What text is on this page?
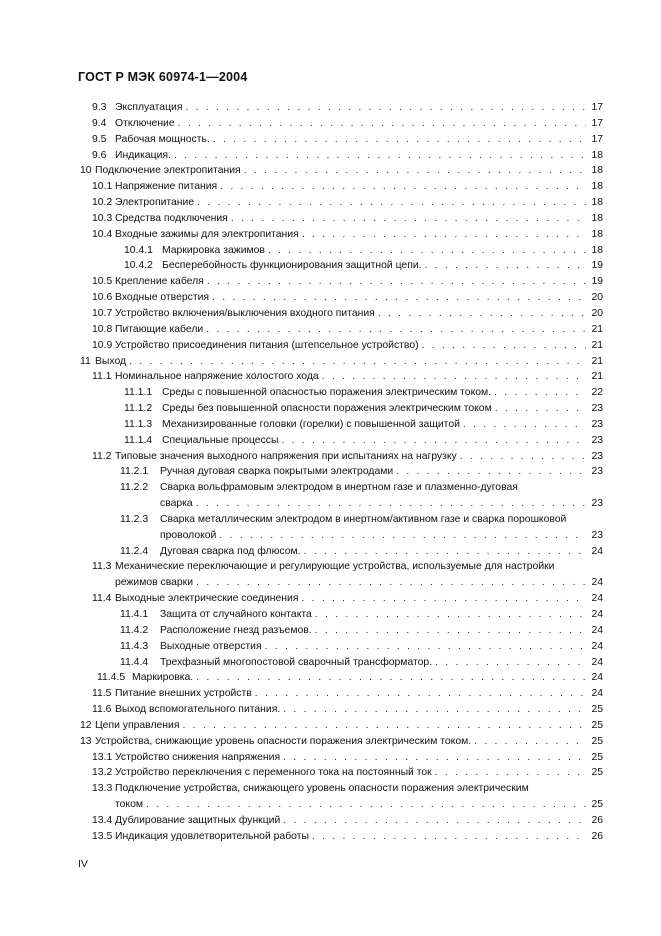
ГОСТ Р МЭК 60974-1—2004
9.3 Эксплуатация . . .	17
9.4 Отключение . . .	17
9.5 Рабочая мощность. . . .	17
9.6 Индикация. . . .	18
10 Подключение электропитания . . .	18
10.1 Напряжение питания . . .	18
10.2 Электропитание . . .	18
10.3 Средства подключения . . .	18
10.4 Входные зажимы для электропитания . . .	18
10.4.1 Маркировка зажимов . . .	18
10.4.2 Бесперебойность функционирования защитной цепи. . . .	19
10.5 Крепление кабеля . . .	19
10.6 Входные отверстия . . .	20
10.7 Устройство включения/выключения входного питания . . .	20
10.8 Питающие кабели . . .	21
10.9 Устройство присоединения питания (штепсельное устройство) . . .	21
11 Выход . . .	21
11.1 Номинальное напряжение холостого хода . . .	21
11.1.1 Среды с повышенной опасностью поражения электрическим током. . . .	22
11.1.2 Среды без повышенной опасности поражения электрическим током . . .	23
11.1.3 Механизированные головки (горелки) с повышенной защитой . . .	23
11.1.4 Специальные процессы . . .	23
11.2 Типовые значения выходного напряжения при испытаниях на нагрузку . . .	23
11.2.1 Ручная дуговая сварка покрытыми электродами . . .	23
11.2.2 Сварка вольфрамовым электродом в инертном газе и плазменно-дуговая
сварка . . .	23
11.2.3 Сварка металлическим электродом в инертном/активном газе и сварка порошковой
проволокой . . .	23
11.2.4 Дуговая сварка под флюсом. . . .	24
11.3 Механические переключающие и регулирующие устройства, используемые для настройки
режимов сварки . . .	24
11.4 Выходные электрические соединения . . .	24
11.4.1 Защита от случайного контакта . . .	24
11.4.2 Расположение гнезд разъемов. . . .	24
11.4.3 Выходные отверстия . . .	24
11.4.4 Трехфазный многопостовой сварочный трансформатор. . . .	24
11.4.5 Маркировка. . . .	24
11.5 Питание внешних устройств . . .	24
11.6 Выход вспомогательного питания. . . .	25
12 Цепи управления . . .	25
13 Устройства, снижающие уровень опасности поражения электрическим током. . . .	25
13.1 Устройство снижения напряжения . . .	25
13.2 Устройство переключения с переменного тока на постоянный ток . . .	25
13.3 Подключение устройства, снижающего уровень опасности поражения электрическим
током . . .	25
13.4 Дублирование защитных функций . . .	26
13.5 Индикация удовлетворительной работы . . .	26
IV
